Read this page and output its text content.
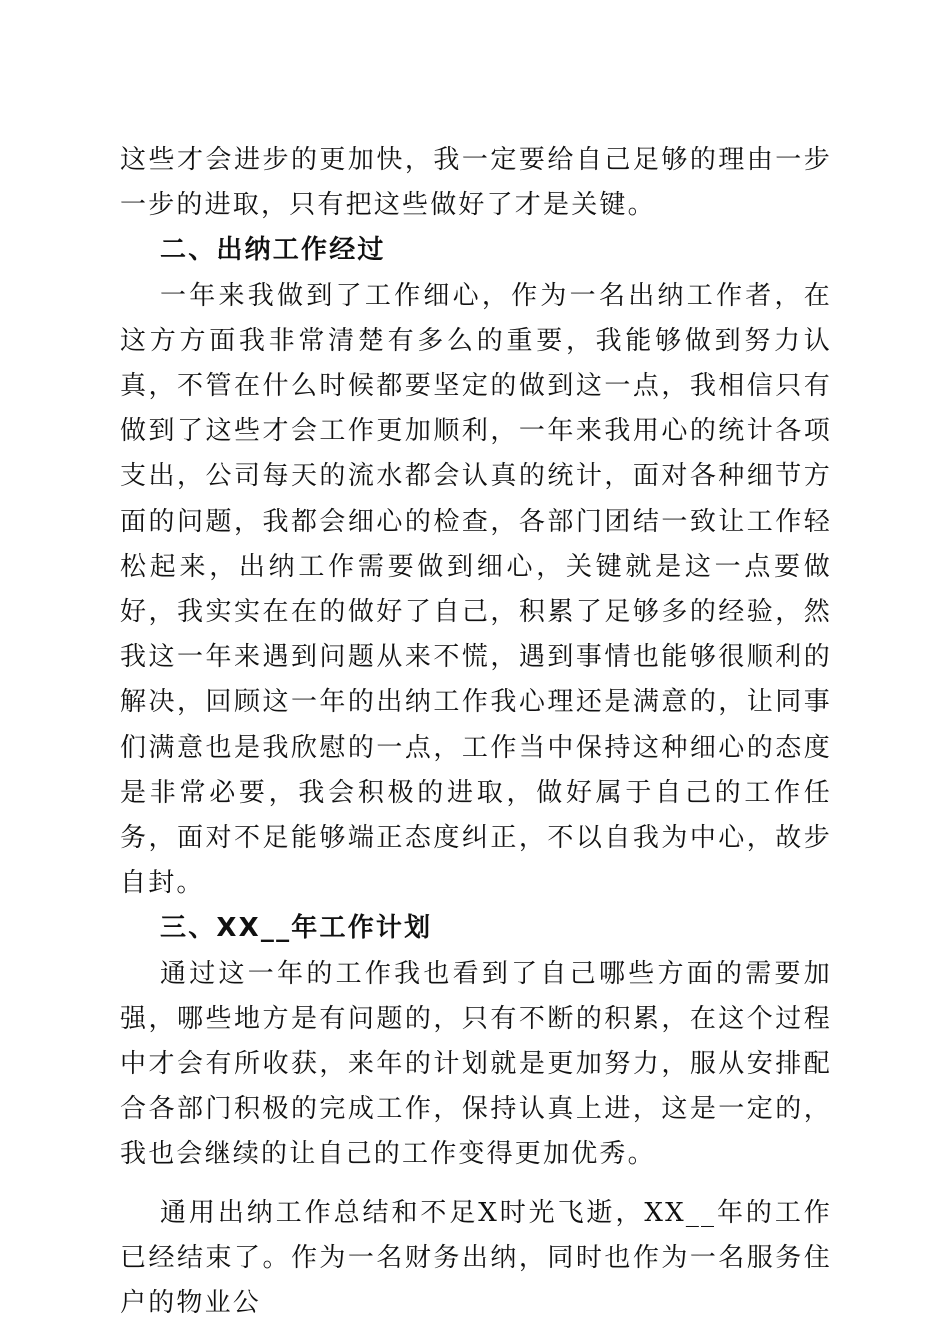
这些才会进步的更加快，我一定要给自己足够的理由一步一步的进取，只有把这些做好了才是关键。

二、出纳工作经过

一年来我做到了工作细心，作为一名出纳工作者，在这方方面我非常清楚有多么的重要，我能够做到努力认真，不管在什么时候都要坚定的做到这一点，我相信只有做到了这些才会工作更加顺利，一年来我用心的统计各项支出，公司每天的流水都会认真的统计，面对各种细节方面的问题，我都会细心的检查，各部门团结一致让工作轻松起来，出纳工作需要做到细心，关键就是这一点要做好，我实实在在的做好了自己，积累了足够多的经验，然我这一年来遇到问题从来不慌，遇到事情也能够很顺利的解决，回顾这一年的出纳工作我心理还是满意的，让同事们满意也是我欣慰的一点，工作当中保持这种细心的态度是非常必要，我会积极的进取，做好属于自己的工作任务，面对不足能够端正态度纠正，不以自我为中心，故步自封。

三、XX__年工作计划

通过这一年的工作我也看到了自己哪些方面的需要加强，哪些地方是有问题的，只有不断的积累，在这个过程中才会有所收获，来年的计划就是更加努力，服从安排配合各部门积极的完成工作，保持认真上进，这是一定的，我也会继续的让自己的工作变得更加优秀。

通用出纳工作总结和不足X时光飞逝，XX__年的工作已经结束了。作为一名财务出纳，同时也作为一名服务住户的物业公
